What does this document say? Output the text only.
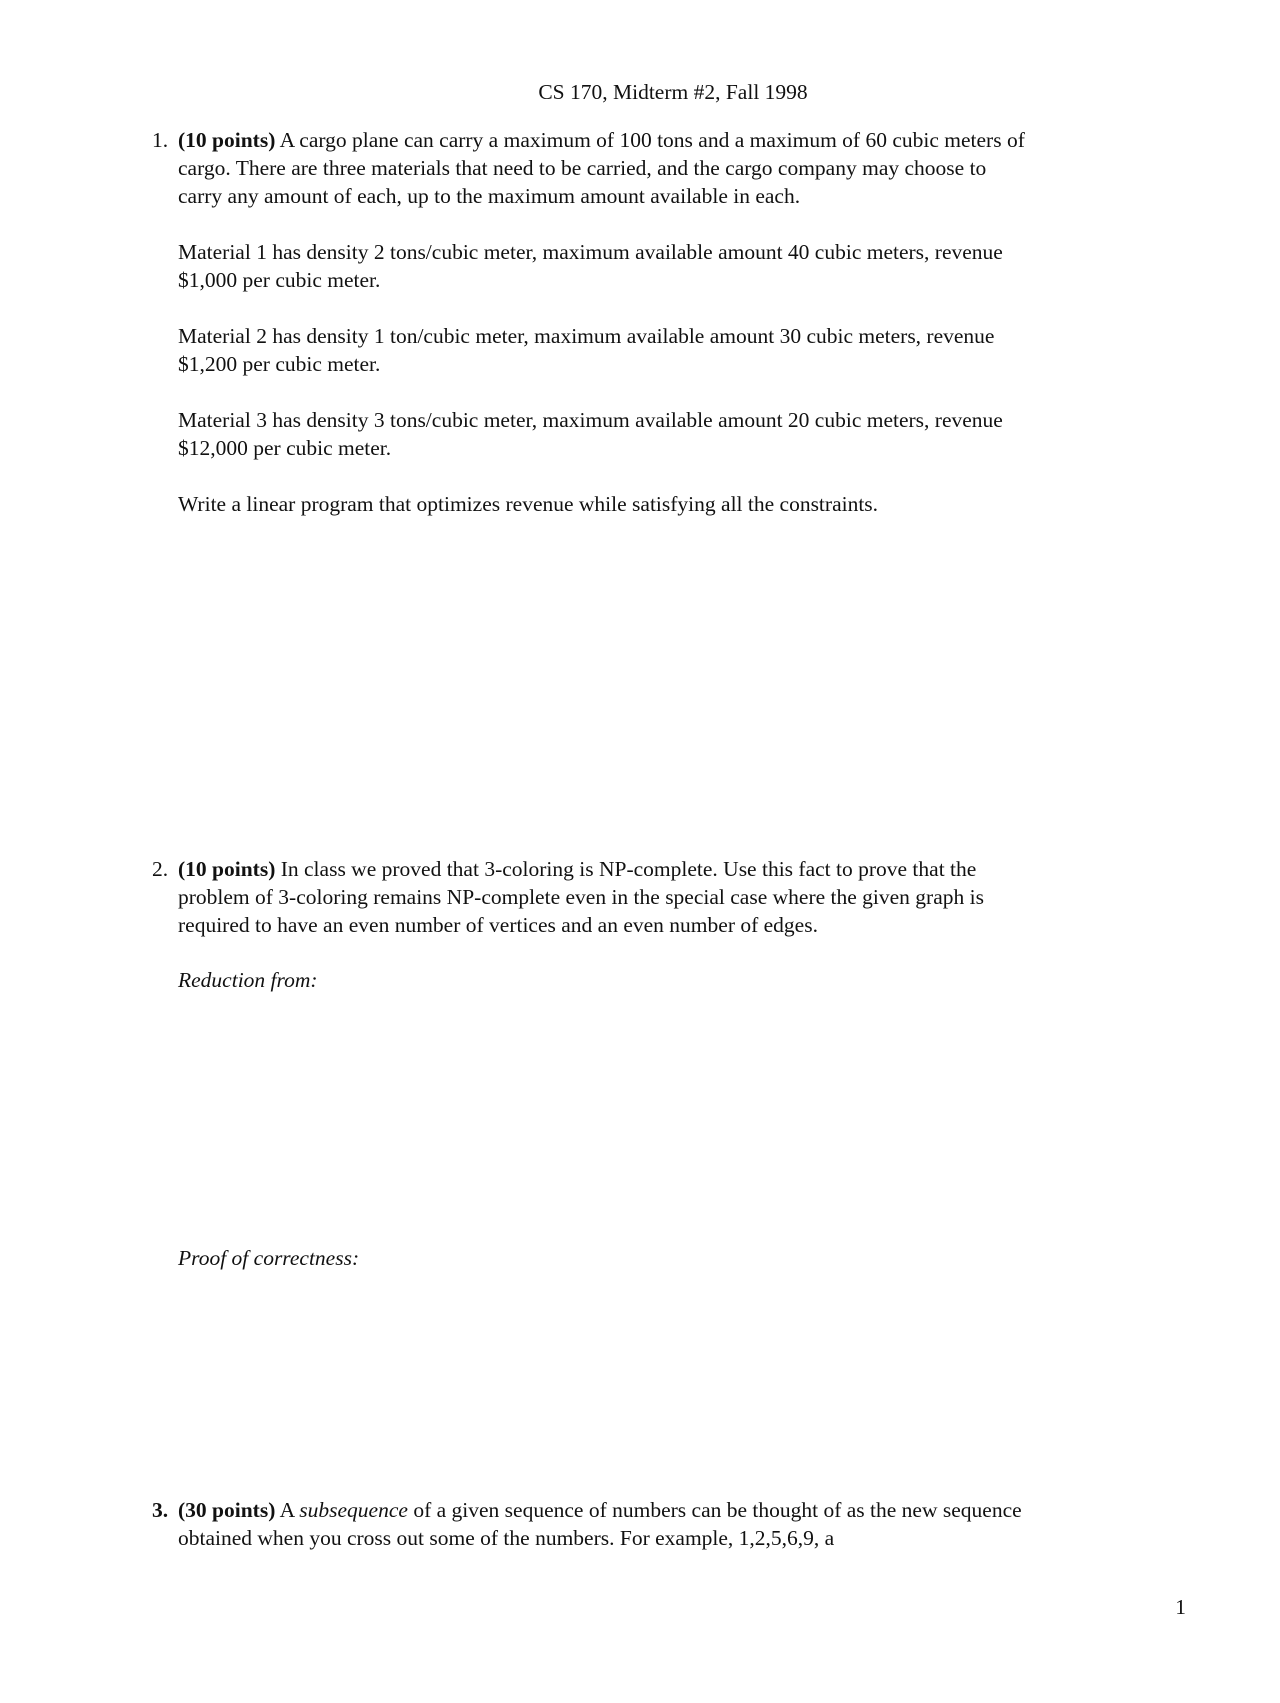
CS 170, Midterm #2, Fall 1998
1. (10 points) A cargo plane can carry a maximum of 100 tons and a maximum of 60 cubic meters of cargo. There are three materials that need to be carried, and the cargo company may choose to carry any amount of each, up to the maximum amount available in each.

Material 1 has density 2 tons/cubic meter, maximum available amount 40 cubic meters, revenue $1,000 per cubic meter.

Material 2 has density 1 ton/cubic meter, maximum available amount 30 cubic meters, revenue $1,200 per cubic meter.

Material 3 has density 3 tons/cubic meter, maximum available amount 20 cubic meters, revenue $12,000 per cubic meter.

Write a linear program that optimizes revenue while satisfying all the constraints.

2. (10 points) In class we proved that 3-coloring is NP-complete. Use this fact to prove that the problem of 3-coloring remains NP-complete even in the special case where the given graph is required to have an even number of vertices and an even number of edges.
Reduction from:
Proof of correctness:
3. (30 points) A subsequence of a given sequence of numbers can be thought of as the new sequence obtained when you cross out some of the numbers. For example, 1,2,5,6,9, a
1
